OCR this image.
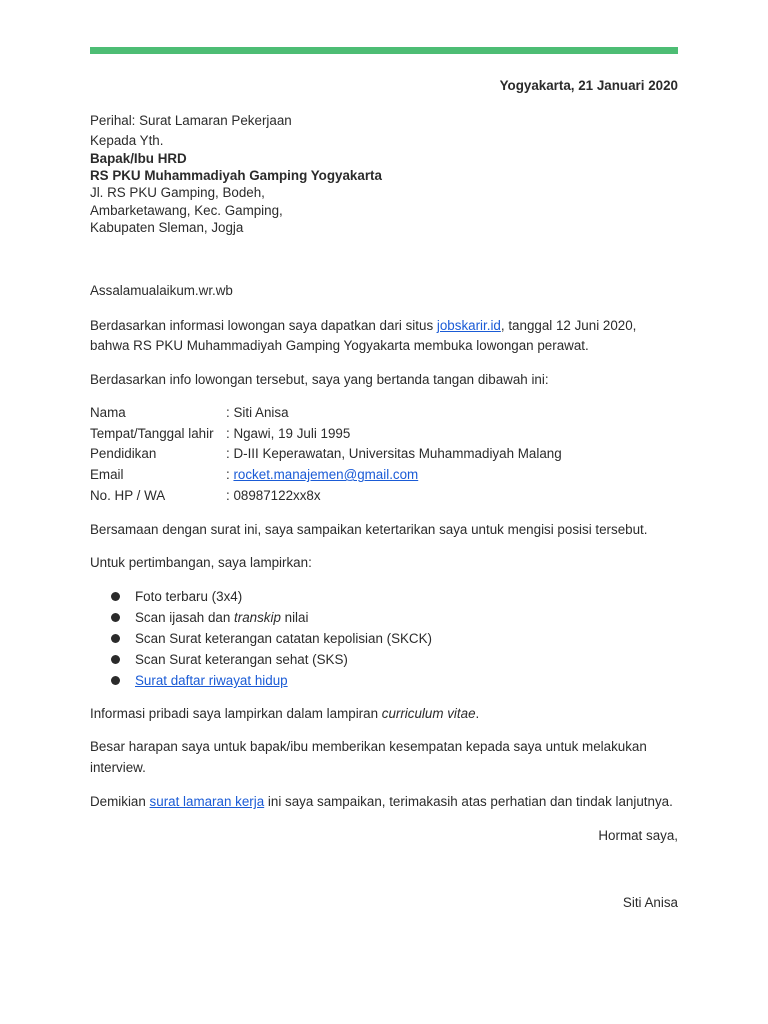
Yogyakarta, 21 Januari 2020
Perihal: Surat Lamaran Pekerjaan
Kepada Yth.
Bapak/Ibu HRD
RS PKU Muhammadiyah Gamping Yogyakarta
Jl. RS PKU Gamping, Bodeh,
Ambarketawang, Kec. Gamping,
Kabupaten Sleman, Jogja
Assalamualaikum.wr.wb
Berdasarkan informasi lowongan saya dapatkan dari situs jobskarir.id, tanggal 12 Juni 2020,
bahwa RS PKU Muhammadiyah Gamping Yogyakarta membuka lowongan perawat.
Berdasarkan info lowongan tersebut, saya yang bertanda tangan dibawah ini:
Nama	: Siti Anisa
Tempat/Tanggal lahir : Ngawi, 19 Juli 1995
Pendidikan	: D-III Keperawatan, Universitas Muhammadiyah Malang
Email	: rocket.manajemen@gmail.com
No. HP / WA	: 08987122xx8x
Bersamaan dengan surat ini, saya sampaikan ketertarikan saya untuk mengisi posisi tersebut.
Untuk pertimbangan, saya lampirkan:
Foto terbaru (3x4)
Scan ijasah dan transkip nilai
Scan Surat keterangan catatan kepolisian (SKCK)
Scan Surat keterangan sehat (SKS)
Surat daftar riwayat hidup
Informasi pribadi saya lampirkan dalam lampiran curriculum vitae.
Besar harapan saya untuk bapak/ibu memberikan kesempatan kepada saya untuk melakukan
interview.
Demikian surat lamaran kerja ini saya sampaikan, terimakasih atas perhatian dan tindak lanjutnya.
Hormat saya,
Siti Anisa
